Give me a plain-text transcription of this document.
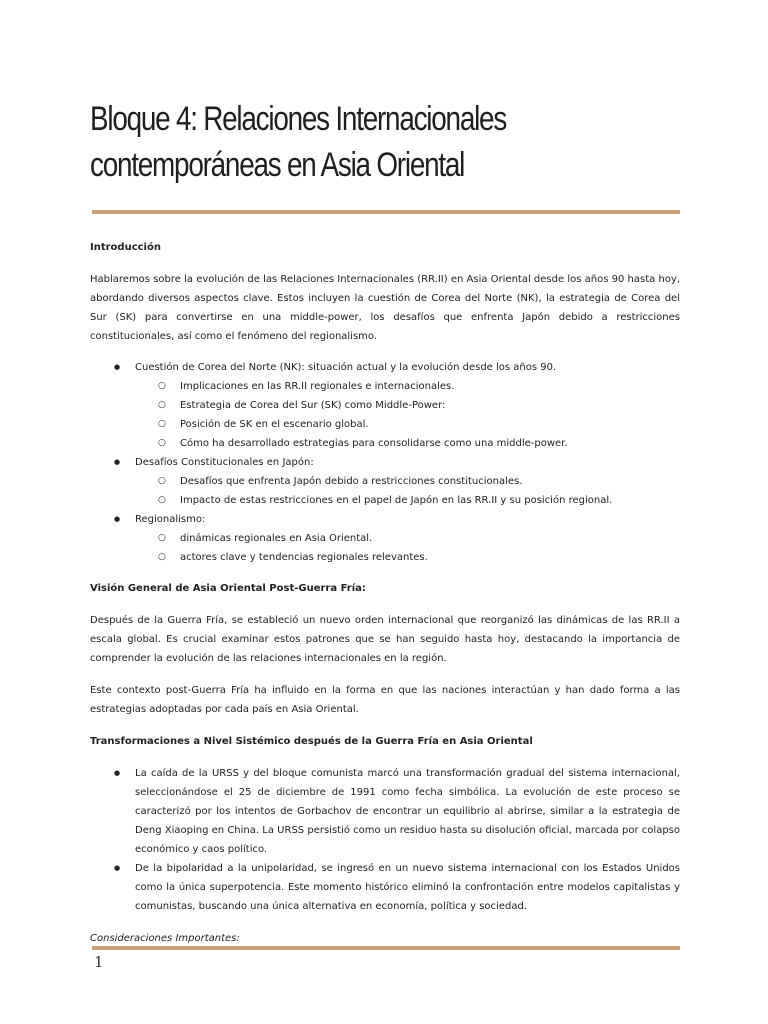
Bloque 4: Relaciones Internacionales contemporáneas en Asia Oriental

Introducción

Hablaremos sobre la evolución de las Relaciones Internacionales (RR.II) en Asia Oriental desde los años 90 hasta hoy, abordando diversos aspectos clave. Estos incluyen la cuestión de Corea del Norte (NK), la estrategia de Corea del Sur (SK) para convertirse en una middle-power, los desafíos que enfrenta Japón debido a restricciones constitucionales, así como el fenómeno del regionalismo.

● Cuestión de Corea del Norte (NK): situación actual y la evolución desde los años 90.
○ Implicaciones en las RR.II regionales e internacionales.
○ Estrategia de Corea del Sur (SK) como Middle-Power:
○ Posición de SK en el escenario global.
○ Cómo ha desarrollado estrategias para consolidarse como una middle-power.
● Desafíos Constitucionales en Japón:
○ Desafíos que enfrenta Japón debido a restricciones constitucionales.
○ Impacto de estas restricciones en el papel de Japón en las RR.II y su posición regional.
● Regionalismo:
○ dinámicas regionales en Asia Oriental.
○ actores clave y tendencias regionales relevantes.

Visión General de Asia Oriental Post-Guerra Fría:

Después de la Guerra Fría, se estableció un nuevo orden internacional que reorganizó las dinámicas de las RR.II a escala global. Es crucial examinar estos patrones que se han seguido hasta hoy, destacando la importancia de comprender la evolución de las relaciones internacionales en la región.

Este contexto post-Guerra Fría ha influido en la forma en que las naciones interactúan y han dado forma a las estrategias adoptadas por cada país en Asia Oriental.

Transformaciones a Nivel Sistémico después de la Guerra Fría en Asia Oriental

● La caída de la URSS y del bloque comunista marcó una transformación gradual del sistema internacional, seleccionándose el 25 de diciembre de 1991 como fecha simbólica. La evolución de este proceso se caracterizó por los intentos de Gorbachov de encontrar un equilibrio al abrirse, similar a la estrategia de Deng Xiaoping en China. La URSS persistió como un residuo hasta su disolución oficial, marcada por colapso económico y caos político.

● De la bipolaridad a la unipolaridad, se ingresó en un nuevo sistema internacional con los Estados Unidos como la única superpotencia. Este momento histórico eliminó la confrontación entre modelos capitalistas y comunistas, buscando una única alternativa en economía, política y sociedad.

Consideraciones Importantes:

1
